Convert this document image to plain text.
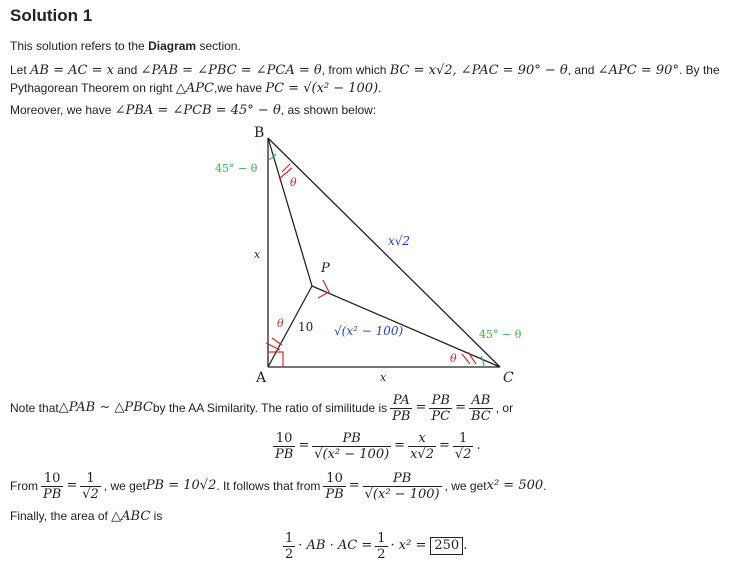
Solution 1
This solution refers to the Diagram section.
Let AB = AC = x and ∠PAB = ∠PBC = ∠PCA = θ, from which BC = x√2, ∠PAC = 90° − θ, and ∠APC = 90°. By the
Pythagorean Theorem on right △APC,we have PC = √(x² − 100).
Moreover, we have ∠PBA = ∠PCB = 45° − θ, as shown below:
B
A	C
P
x
x
x√2
10 √(x² − 100)
45° − θ
θ
θ
45° − θ
θ
Note that △PAB ∼ △PBC by the AA Similarity. The ratio of similitude is $\frac{PA}{PB} = \frac{PB}{PC} = \frac{AB}{BC}$ , or
$\frac{10}{PB} = \frac{PB}{\text{√(x² − 100)}} = \frac{x}{x√2} = \frac{1}{√2}$ .
From $\frac{10}{PB} = \frac{1}{√2}$ , we get PB = 10√2 . It follows that from $\frac{10}{PB} = \frac{PB}{\text{√(x² − 100)}}$ , we get x² = 500 .
Finally, the area of △ABC is
$\frac{1}{2}$ · AB · AC = $\frac{1}{2} \cdot x^2 = 250$ .
